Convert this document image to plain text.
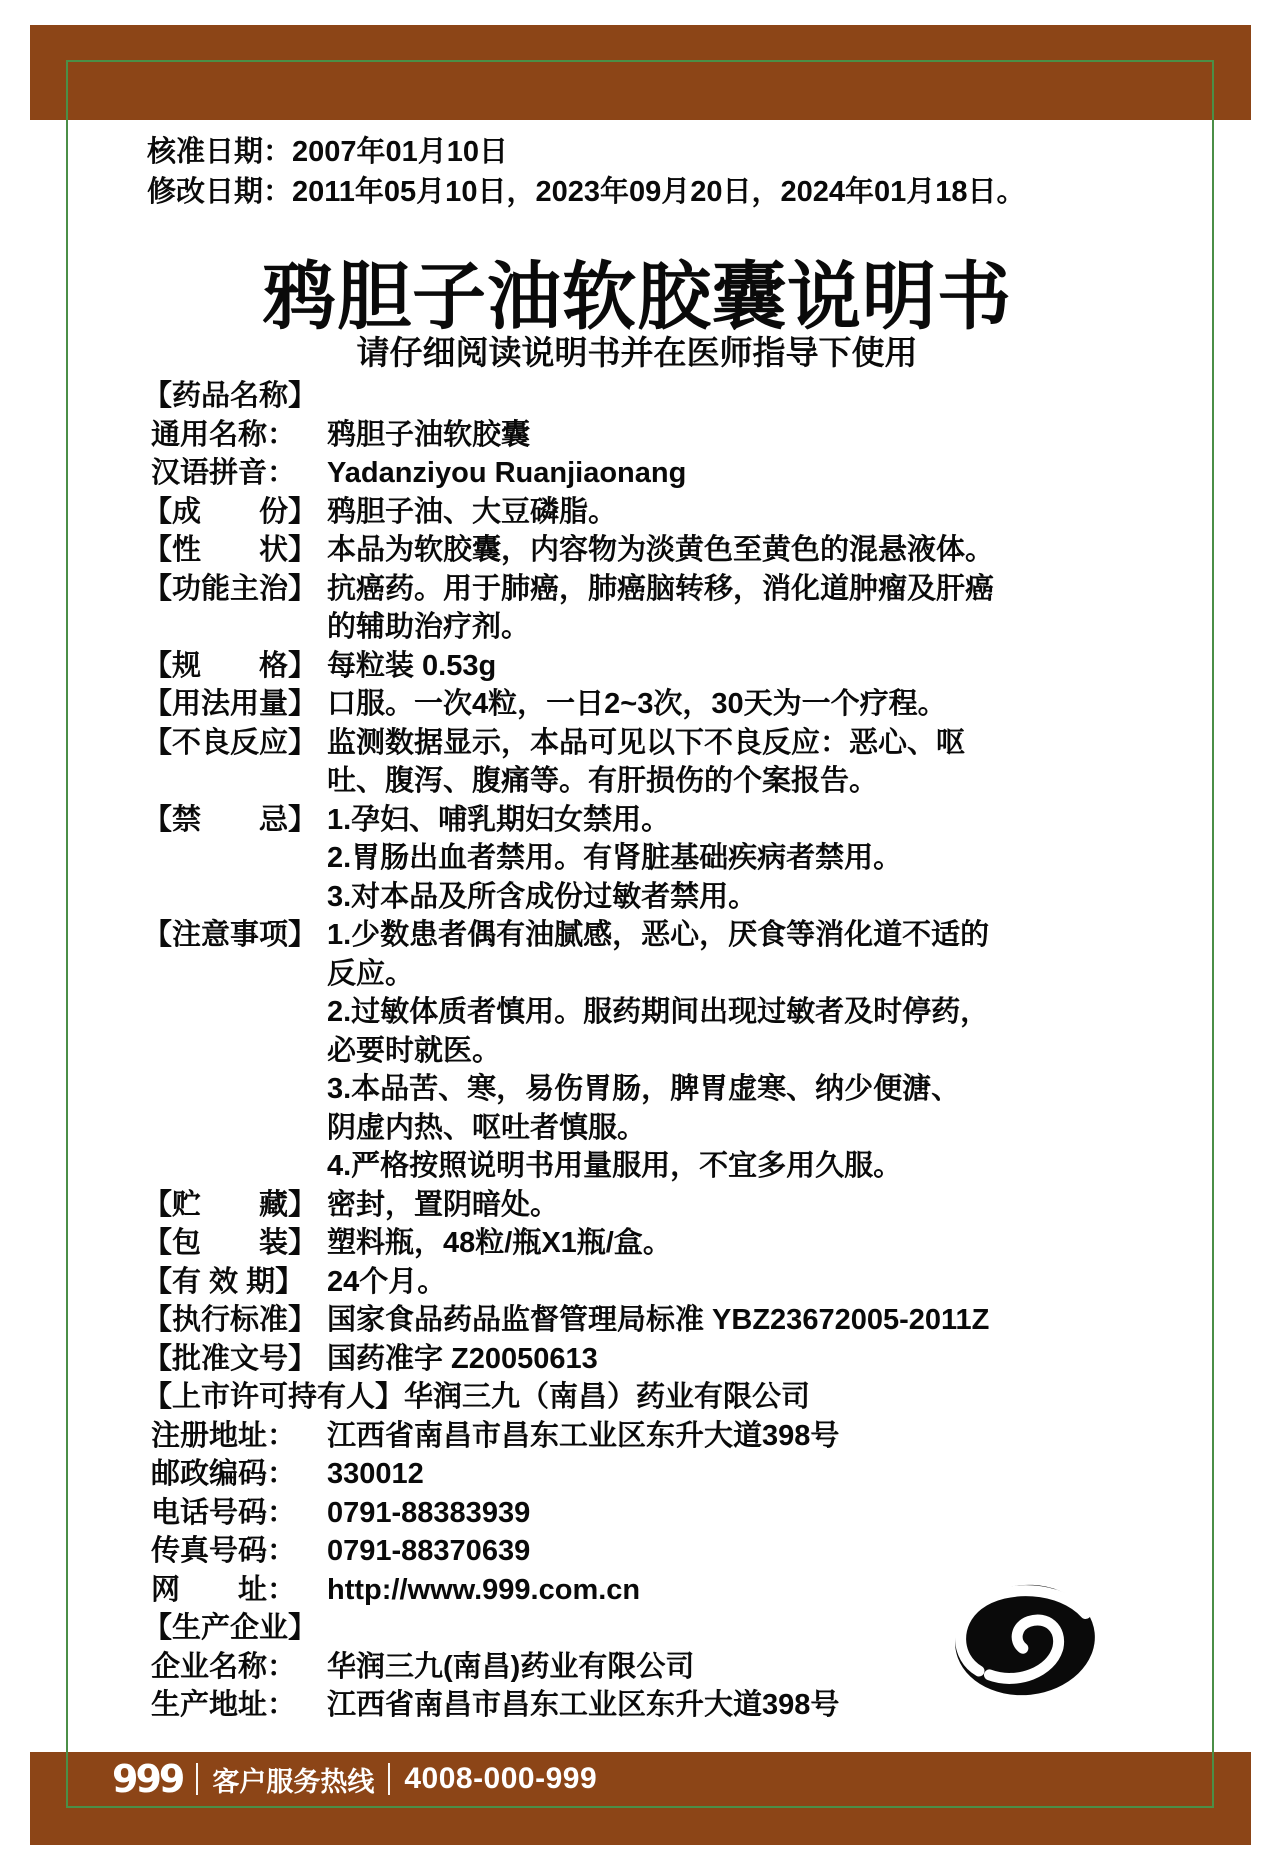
核准日期：2007年01月10日
修改日期：2011年05月10日，2023年09月20日，2024年01月18日。
鸦胆子油软胶囊说明书
请仔细阅读说明书并在医师指导下使用
【药品名称】
通用名称：	鸦胆子油软胶囊
汉语拼音：	Yadanziyou Ruanjiaonang
【成　　份】 鸦胆子油、大豆磷脂。
【性　　状】 本品为软胶囊，内容物为淡黄色至黄色的混悬液体。
【功能主治】 抗癌药。用于肺癌，肺癌脑转移，消化道肿瘤及肝癌
的辅助治疗剂。
【规　　格】 每粒装 0.53g
【用法用量】 口服。一次4粒，一日2~3次，30天为一个疗程。
【不良反应】 监测数据显示，本品可见以下不良反应：恶心、呕
吐、腹泻、腹痛等。有肝损伤的个案报告。
【禁　　忌】 1.孕妇、哺乳期妇女禁用。
2.胃肠出血者禁用。有肾脏基础疾病者禁用。
3.对本品及所含成份过敏者禁用。
【注意事项】 1.少数患者偶有油腻感，恶心，厌食等消化道不适的
反应。
2.过敏体质者慎用。服药期间出现过敏者及时停药，
必要时就医。
3.本品苦、寒，易伤胃肠，脾胃虚寒、纳少便溏、
阴虚内热、呕吐者慎服。
4.严格按照说明书用量服用，不宜多用久服。
【贮　　藏】 密封，置阴暗处。
【包　　装】 塑料瓶，48粒/瓶X1瓶/盒。
【有 效 期】 24个月。
【执行标准】 国家食品药品监督管理局标准 YBZ23672005-2011Z
【批准文号】 国药准字 Z20050613
【上市许可持有人】华润三九（南昌）药业有限公司
注册地址：	江西省南昌市昌东工业区东升大道398号
邮政编码：	330012
电话号码：	0791-88383939
传真号码：	0791-88370639
网　　址：	http://www.999.com.cn
【生产企业】
企业名称：	华润三九(南昌)药业有限公司
生产地址：	江西省南昌市昌东工业区东升大道398号
999	客户服务热线	4008-000-999
